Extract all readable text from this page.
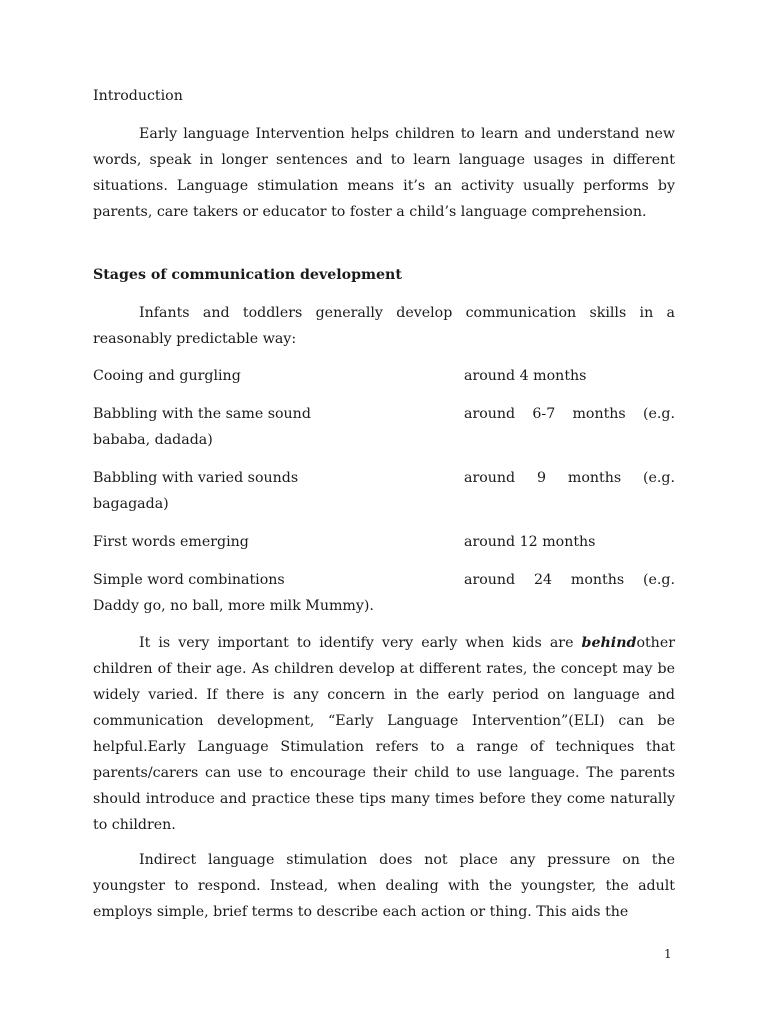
Introduction
Early language Intervention helps children to learn and understand new words, speak in longer sentences and to learn language usages in different situations. Language stimulation means it’s an activity usually performs by parents, care takers or educator to foster a child’s language comprehension.
Stages of communication development
Infants and toddlers generally develop communication skills in a reasonably predictable way:
Cooing and gurgling	around 4 months
Babbling with the same sound	around 6-7 months (e.g.
bababa, dadada)
Babbling with varied sounds	around 9 months (e.g.
bagagada)
First words emerging	around 12 months
Simple word combinations	around 24 months (e.g.
Daddy go, no ball, more milk Mummy).
It is very important to identify very early when kids are behindother children of their age. As children develop at different rates, the concept may be widely varied. If there is any concern in the early period on language and communication development, “Early Language Intervention”(ELI) can be helpful.Early Language Stimulation refers to a range of techniques that parents/carers can use to encourage their child to use language. The parents should introduce and practice these tips many times before they come naturally to children.
Indirect language stimulation does not place any pressure on the youngster to respond. Instead, when dealing with the youngster, the adult employs simple, brief terms to describe each action or thing. This aids the
1
